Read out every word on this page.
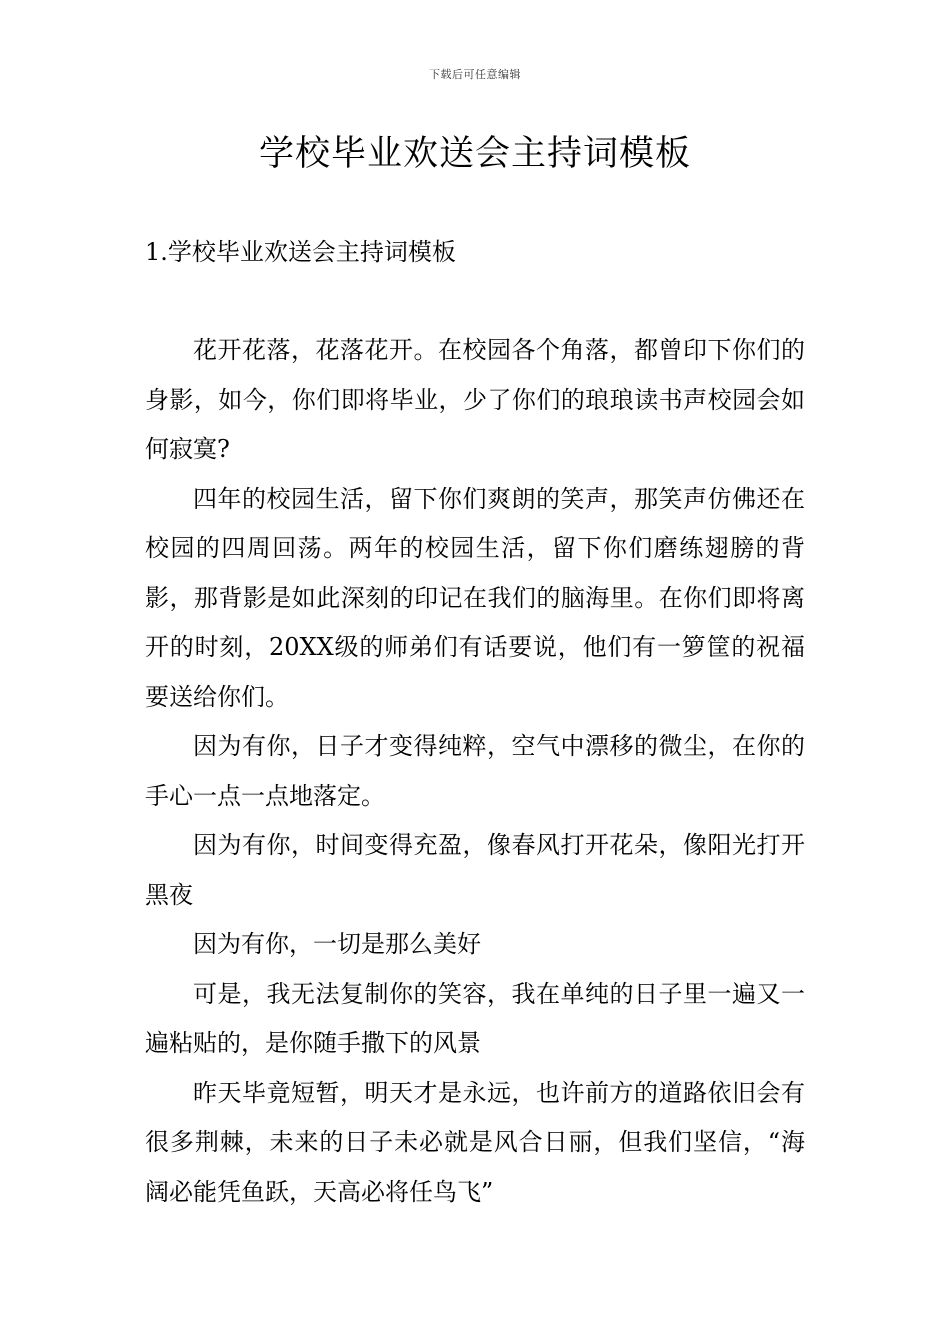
下载后可任意编辑
学校毕业欢送会主持词模板
1.学校毕业欢送会主持词模板

花开花落，花落花开。在校园各个角落，都曾印下你们的身影，如今，你们即将毕业，少了你们的琅琅读书声校园会如何寂寞?

四年的校园生活，留下你们爽朗的笑声，那笑声仿佛还在校园的四周回荡。两年的校园生活，留下你们磨练翅膀的背影，那背影是如此深刻的印记在我们的脑海里。在你们即将离开的时刻，20XX级的师弟们有话要说，他们有一箩筐的祝福要送给你们。

因为有你，日子才变得纯粹，空气中漂移的微尘，在你的手心一点一点地落定。

因为有你，时间变得充盈，像春风打开花朵，像阳光打开黑夜

因为有你，一切是那么美好

可是，我无法复制你的笑容，我在单纯的日子里一遍又一遍粘贴的，是你随手撒下的风景

昨天毕竟短暂，明天才是永远，也许前方的道路依旧会有很多荆棘，未来的日子未必就是风合日丽，但我们坚信，“海阔必能凭鱼跃，天高必将任鸟飞”
